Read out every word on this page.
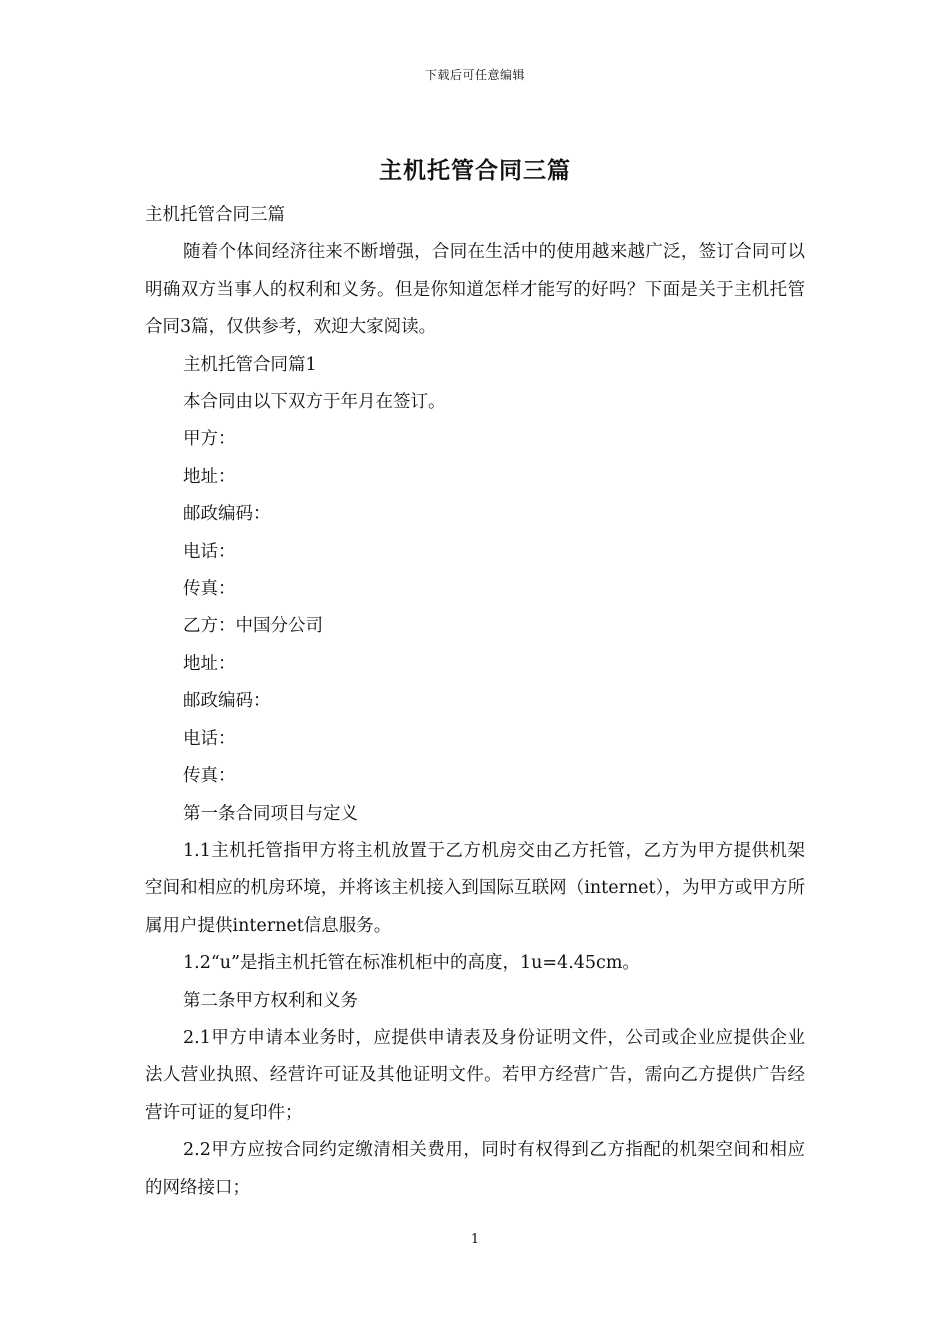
下载后可任意编辑
主机托管合同三篇

主机托管合同三篇

随着个体间经济往来不断增强，合同在生活中的使用越来越广泛，签订合同可以明确双方当事人的权利和义务。但是你知道怎样才能写的好吗？下面是关于主机托管合同3篇，仅供参考，欢迎大家阅读。

主机托管合同篇1

本合同由以下双方于年月在签订。

甲方：

地址：

邮政编码：

电话：

传真：

乙方：中国分公司

地址：

邮政编码：

电话：

传真：

第一条合同项目与定义

1.1主机托管指甲方将主机放置于乙方机房交由乙方托管，乙方为甲方提供机架空间和相应的机房环境，并将该主机接入到国际互联网（internet），为甲方或甲方所属用户提供internet信息服务。

1.2“u”是指主机托管在标准机柜中的高度，1u=4.45cm。

第二条甲方权利和义务

2.1甲方申请本业务时，应提供申请表及身份证明文件，公司或企业应提供企业法人营业执照、经营许可证及其他证明文件。若甲方经营广告，需向乙方提供广告经营许可证的复印件；

2.2甲方应按合同约定缴清相关费用，同时有权得到乙方指配的机架空间和相应的网络接口；

1
